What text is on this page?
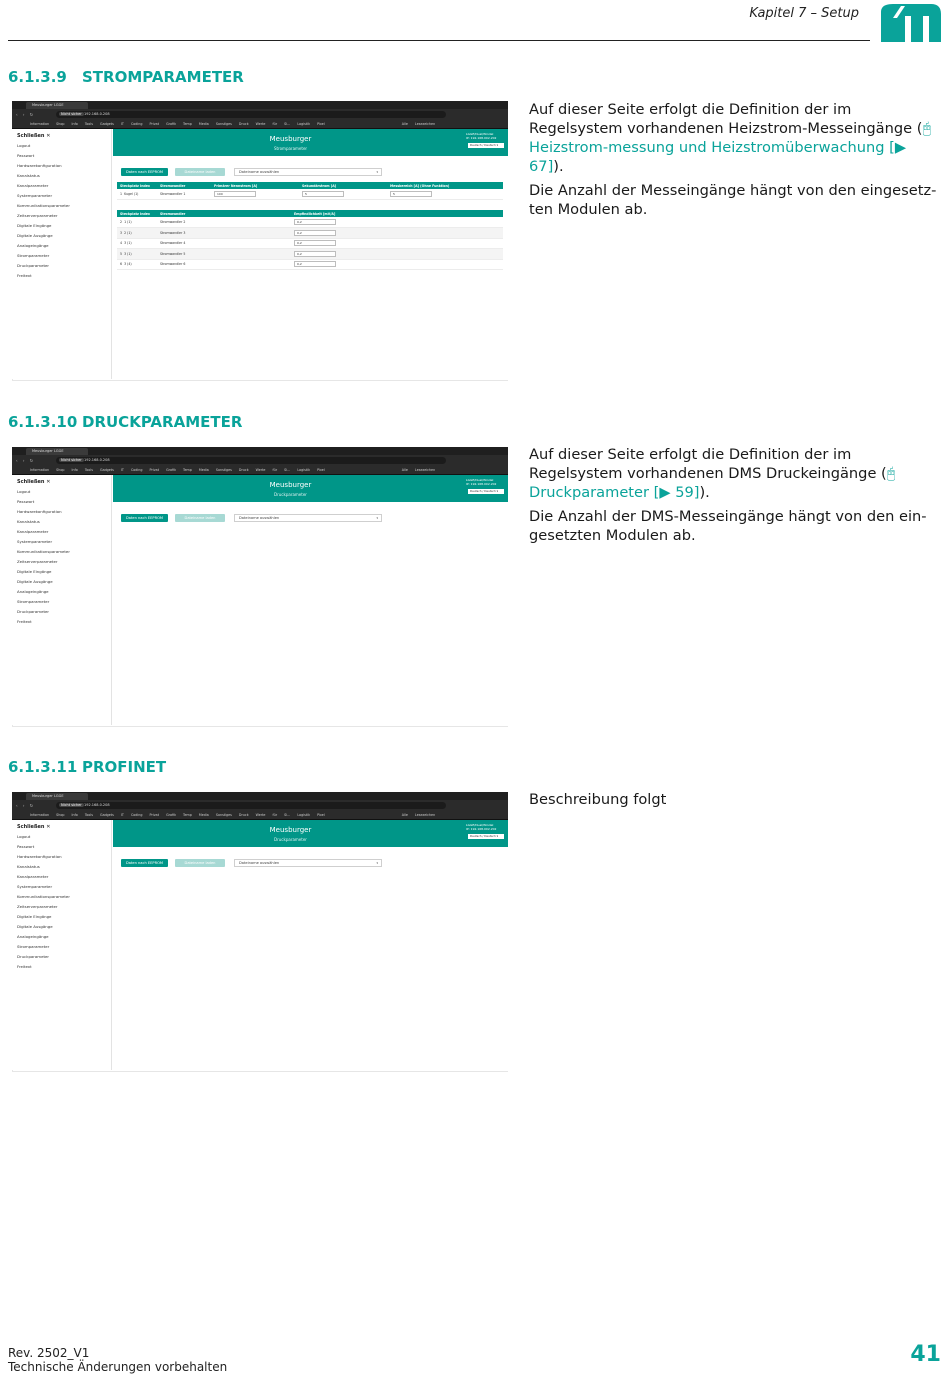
Kapitel 7 – Setup
6.1.3.9 STROMPARAMETER
Meusburger LGGE
‹ › ↻	Nicht sicher 192.168.0.208
Information Shop Info Tools Gadgets IT Coding Privat Grafik Temp Media Sonstiges Druck Werte für Si... Logistik Pixel	Alle Lesezeichen
Schließen ✕
Logout
Passwort
Hardwarekonfiguration
Kanalstatus
Kanalparameter
Systemparameter
Kommunikationsparameter
Zeitserverparameter
Digitale Eingänge
Digitale Ausgänge
Analogeingänge
Stromparameter
Druckparameter
Freitext
Meusburger
Stromparameter
LGGE/Dual/Windel
IP: 192.168.002.202
Deutsch / Deutsch ▾
Daten nach EEPROM	Dateiname laden	Dateiname auswählen	▾
Steckplatz Index	Stromwandler	Primärer Nennstrom [A]	Sekundärstrom [A]	Messbereich [A] (Ohne Funktion)
1 Kugel (1)	Stromwandler 1	100	5	5
Steckplatz Index	Stromwandler	Empfindlichkeit [mV/A]
2 1 (1)	Stromwandler 2	0,2
3 2 (1)	Stromwandler 3	0,2
4 3 (1)	Stromwandler 4	0,2
5 3 (1)	Stromwandler 5	0,2
6 3 (4)	Stromwandler 6	0,2

Auf dieser Seite erfolgt die Definition der im Regelsystem vorhandenen Heizstrom-Messeingänge (🖰 Heizstrom-messung und Heizstromüberwachung [▶ 67]).

Die Anzahl der Messeingänge hängt von den eingesetz-ten Modulen ab.

6.1.3.10 DRUCKPARAMETER
Meusburger LGGE
‹ › ↻	Nicht sicher 192.168.0.208
Information Shop Info Tools Gadgets IT Coding Privat Grafik Temp Media Sonstiges Druck Werte für Si... Logistik Pixel	Alle Lesezeichen
Schließen ✕
Logout
Passwort
Hardwarekonfiguration
Kanalstatus
Kanalparameter
Systemparameter
Kommunikationsparameter
Zeitserverparameter
Digitale Eingänge
Digitale Ausgänge
Analogeingänge
Stromparameter
Druckparameter
Freitext
Meusburger
Druckparameter
LGGE/Dual/Windel
IP: 192.168.002.202
Deutsch / Deutsch ▾
Daten nach EEPROM	Dateiname laden	Dateiname auswählen	▾

Auf dieser Seite erfolgt die Definition der im Regelsystem vorhandenen DMS Druckeingänge (🖰 Druckparameter [▶ 59]).

Die Anzahl der DMS-Messeingänge hängt von den ein-gesetzten Modulen ab.

6.1.3.11 PROFINET
Meusburger LGGE
‹ › ↻	Nicht sicher 192.168.0.208
Information Shop Info Tools Gadgets IT Coding Privat Grafik Temp Media Sonstiges Druck Werte für Si... Logistik Pixel	Alle Lesezeichen
Schließen ✕
Logout
Passwort
Hardwarekonfiguration
Kanalstatus
Kanalparameter
Systemparameter
Kommunikationsparameter
Zeitserverparameter
Digitale Eingänge
Digitale Ausgänge
Analogeingänge
Stromparameter
Druckparameter
Freitext
Meusburger
Druckparameter
LGGE/Dual/Windel
IP: 192.168.002.202
Deutsch / Deutsch ▾
Daten nach EEPROM	Dateiname laden	Dateiname auswählen	▾

Beschreibung folgt

Rev. 2502_V1
Technische Änderungen vorbehalten	41
